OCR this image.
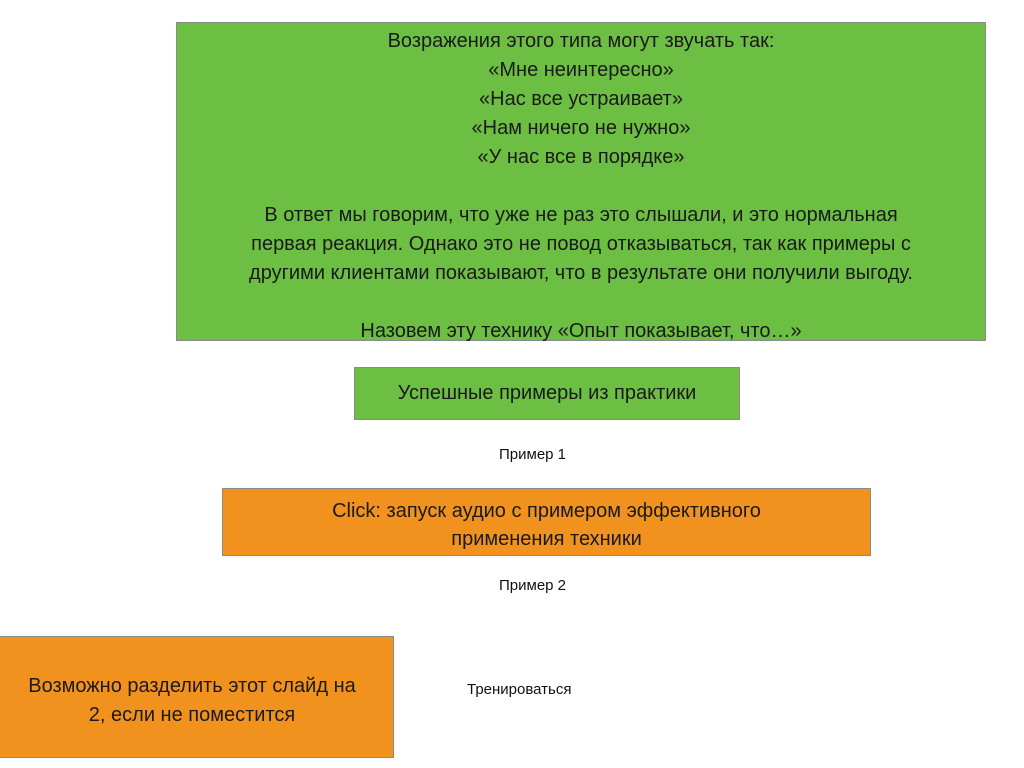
Возражения этого типа могут звучать так:
«Мне неинтересно»
«Нас все устраивает»
«Нам ничего не нужно»
«У нас все в порядке»
В ответ мы говорим, что уже не раз это слышали, и это нормальная
первая реакция. Однако это не повод отказываться, так как примеры с
другими клиентами показывают, что в результате они получили выгоду.
Назовем эту технику «Опыт показывает, что…»
Успешные примеры из практики
Пример 1
Click: запуск аудио с примером эффективного
применения техники
Пример 2
Возможно разделить этот слайд на
2, если не поместится
Тренироваться
